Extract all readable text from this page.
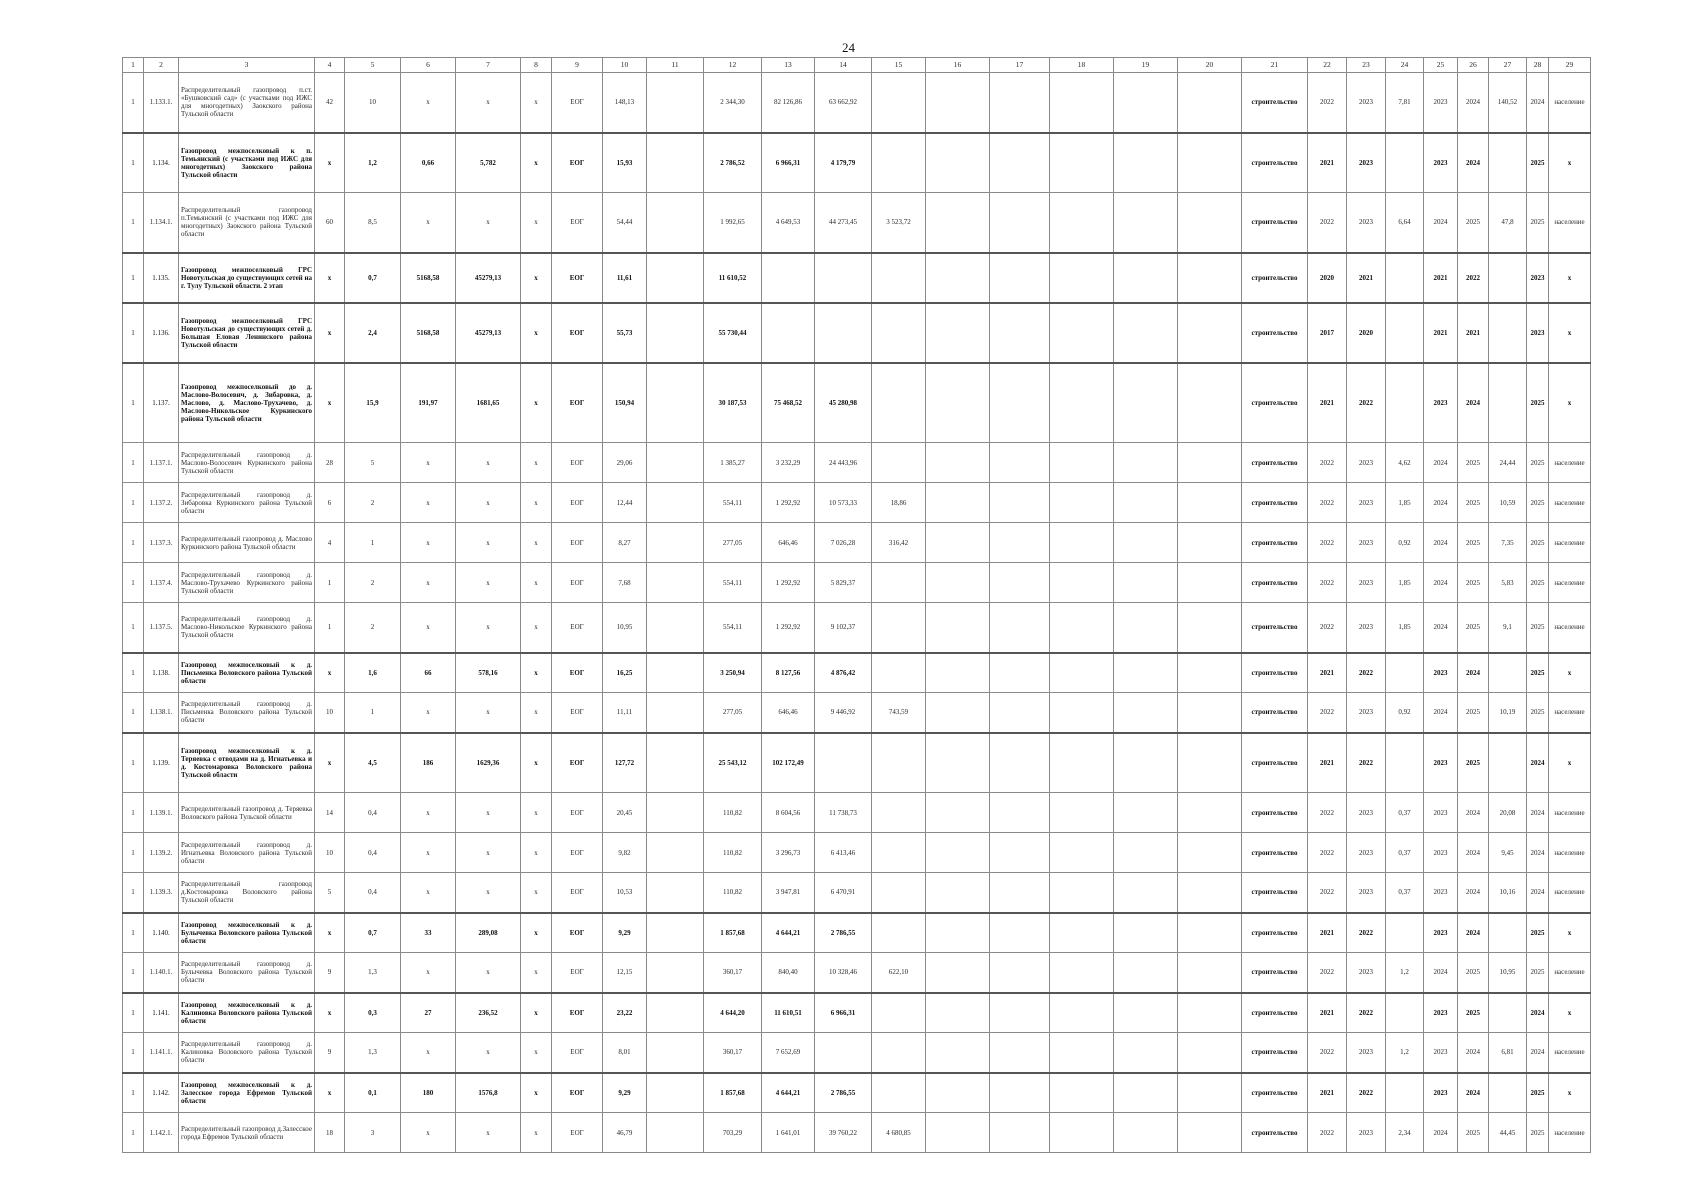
24
1	2	3	4	5	6	7	8	9	10	11	12	13	14	15	16	17	18	19	20	21	22	23	24	25	26	27	28	29
1	1.133.1.	Распределительный газопровод п.ст. «Бушковский сад» (с участками под ИЖС для многодетных) Заокского района Тульской области	42	10	х	х	х	ЕОГ	148,13		2 344,30	82 126,86	63 662,92							строительство	2022	2023	7,81	2023	2024	140,52	2024	население
1	1.134.	Газопровод межпоселковый к п. Темьянский (с участками под ИЖС для многодетных) Заокского района Тульской области	х	1,2	0,66	5,782	х	ЕОГ	15,93		2 786,52	6 966,31	4 179,79							строительство	2021	2023		2023	2024		2025	х
1	1.134.1.	Распределительный газопровод п.Темьянский (с участками под ИЖС для многодетных) Заокского района Тульской области	60	8,5	х	х	х	ЕОГ	54,44		1 992,65	4 649,53	44 273,45	3 523,72						строительство	2022	2023	6,64	2024	2025	47,8	2025	население
1	1.135.	Газопровод межпоселковый ГРС Новотульская до существующих сетей на г. Тулу Тульской области. 2 этап	х	0,7	5168,58	45279,13	х	ЕОГ	11,61		11 610,52									строительство	2020	2021		2021	2022		2023	х
1	1.136.	Газопровод межпоселковый ГРС Новотульская до существующих сетей д. Большая Еловая Ленинского района Тульской области	х	2,4	5168,58	45279,13	х	ЕОГ	55,73		55 730,44									строительство	2017	2020		2021	2021		2023	х
1	1.137.	Газопровод межпоселковый до д. Маслово-Волосевич, д. Зибаровка, д. Маслово, д. Маслово-Трухачево, д. Маслово-Никольское Куркинского района Тульской области	х	15,9	191,97	1681,65	х	ЕОГ	150,94		30 187,53	75 468,52	45 280,98							строительство	2021	2022		2023	2024		2025	х
1	1.137.1.	Распределительный газопровод д. Маслово-Волосевич Куркинского района Тульской области	28	5	х	х	х	ЕОГ	29,06		1 385,27	3 232,29	24 443,96							строительство	2022	2023	4,62	2024	2025	24,44	2025	население
1	1.137.2.	Распределительный газопровод д. Зибаровка Куркинского района Тульской области	6	2	х	х	х	ЕОГ	12,44		554,11	1 292,92	10 573,33	18,86						строительство	2022	2023	1,85	2024	2025	10,59	2025	население
1	1.137.3.	Распределительный газопровод д. Маслово Куркинского района Тульской области	4	1	х	х	х	ЕОГ	8,27		277,05	646,46	7 026,28	316,42						строительство	2022	2023	0,92	2024	2025	7,35	2025	население
1	1.137.4.	Распределительный газопровод д. Маслово-Трухачево Куркинского района Тульской области	1	2	х	х	х	ЕОГ	7,68		554,11	1 292,92	5 829,37							строительство	2022	2023	1,85	2024	2025	5,83	2025	население
1	1.137.5.	Распределительный газопровод д. Маслово-Никольское Куркинского района Тульской области	1	2	х	х	х	ЕОГ	10,95		554,11	1 292,92	9 102,37							строительство	2022	2023	1,85	2024	2025	9,1	2025	население
1	1.138.	Газопровод межпоселковый к д. Письменка Воловского района Тульской области	х	1,6	66	578,16	х	ЕОГ	16,25		3 250,94	8 127,56	4 876,42							строительство	2021	2022		2023	2024		2025	х
1	1.138.1.	Распределительный газопровод д. Письменка Воловского района Тульской области	10	1	х	х	х	ЕОГ	11,11		277,05	646,46	9 446,92	743,59						строительство	2022	2023	0,92	2024	2025	10,19	2025	население
1	1.139.	Газопровод межпоселковый к д. Теряевка с отводами на д. Игнатьевка и д. Костомаровка Воловского района Тульской области	х	4,5	186	1629,36	х	ЕОГ	127,72		25 543,12	102 172,49								строительство	2021	2022		2023	2025		2024	х
1	1.139.1.	Распределительный газопровод д. Теряевка Воловского района Тульской области	14	0,4	х	х	х	ЕОГ	20,45		110,82	8 604,56	11 738,73							строительство	2022	2023	0,37	2023	2024	20,08	2024	население
1	1.139.2.	Распределительный газопровод д. Игнатьевка Воловского района Тульской области	10	0,4	х	х	х	ЕОГ	9,82		110,82	3 296,73	6 413,46							строительство	2022	2023	0,37	2023	2024	9,45	2024	население
1	1.139.3.	Распределительный газопровод д.Костомаровка Воловского района Тульской области	5	0,4	х	х	х	ЕОГ	10,53		110,82	3 947,81	6 470,91							строительство	2022	2023	0,37	2023	2024	10,16	2024	население
1	1.140.	Газопровод межпоселковый к д. Булычевка Воловского района Тульской области	х	0,7	33	289,08	х	ЕОГ	9,29		1 857,68	4 644,21	2 786,55							строительство	2021	2022		2023	2024		2025	х
1	1.140.1.	Распределительный газопровод д. Булычевка Воловского района Тульской области	9	1,3	х	х	х	ЕОГ	12,15		360,17	840,40	10 328,46	622,10						строительство	2022	2023	1,2	2024	2025	10,95	2025	население
1	1.141.	Газопровод межпоселковый к д. Калиновка Воловского района Тульской области	х	0,3	27	236,52	х	ЕОГ	23,22		4 644,20	11 610,51	6 966,31							строительство	2021	2022		2023	2025		2024	х
1	1.141.1.	Распределительный газопровод д. Калиновка Воловского района Тульской области	9	1,3	х	х	х	ЕОГ	8,01		360,17	7 652,69								строительство	2022	2023	1,2	2023	2024	6,81	2024	население
1	1.142.	Газопровод межпоселковый к д. Залесское города Ефремов Тульской области	х	0,1	180	1576,8	х	ЕОГ	9,29		1 857,68	4 644,21	2 786,55							строительство	2021	2022		2023	2024		2025	х
1	1.142.1.	Распределительный газопровод д.Залесское города Ефремов Тульской области	18	3	х	х	х	ЕОГ	46,79		703,29	1 641,01	39 760,22	4 680,85						строительство	2022	2023	2,34	2024	2025	44,45	2025	население
